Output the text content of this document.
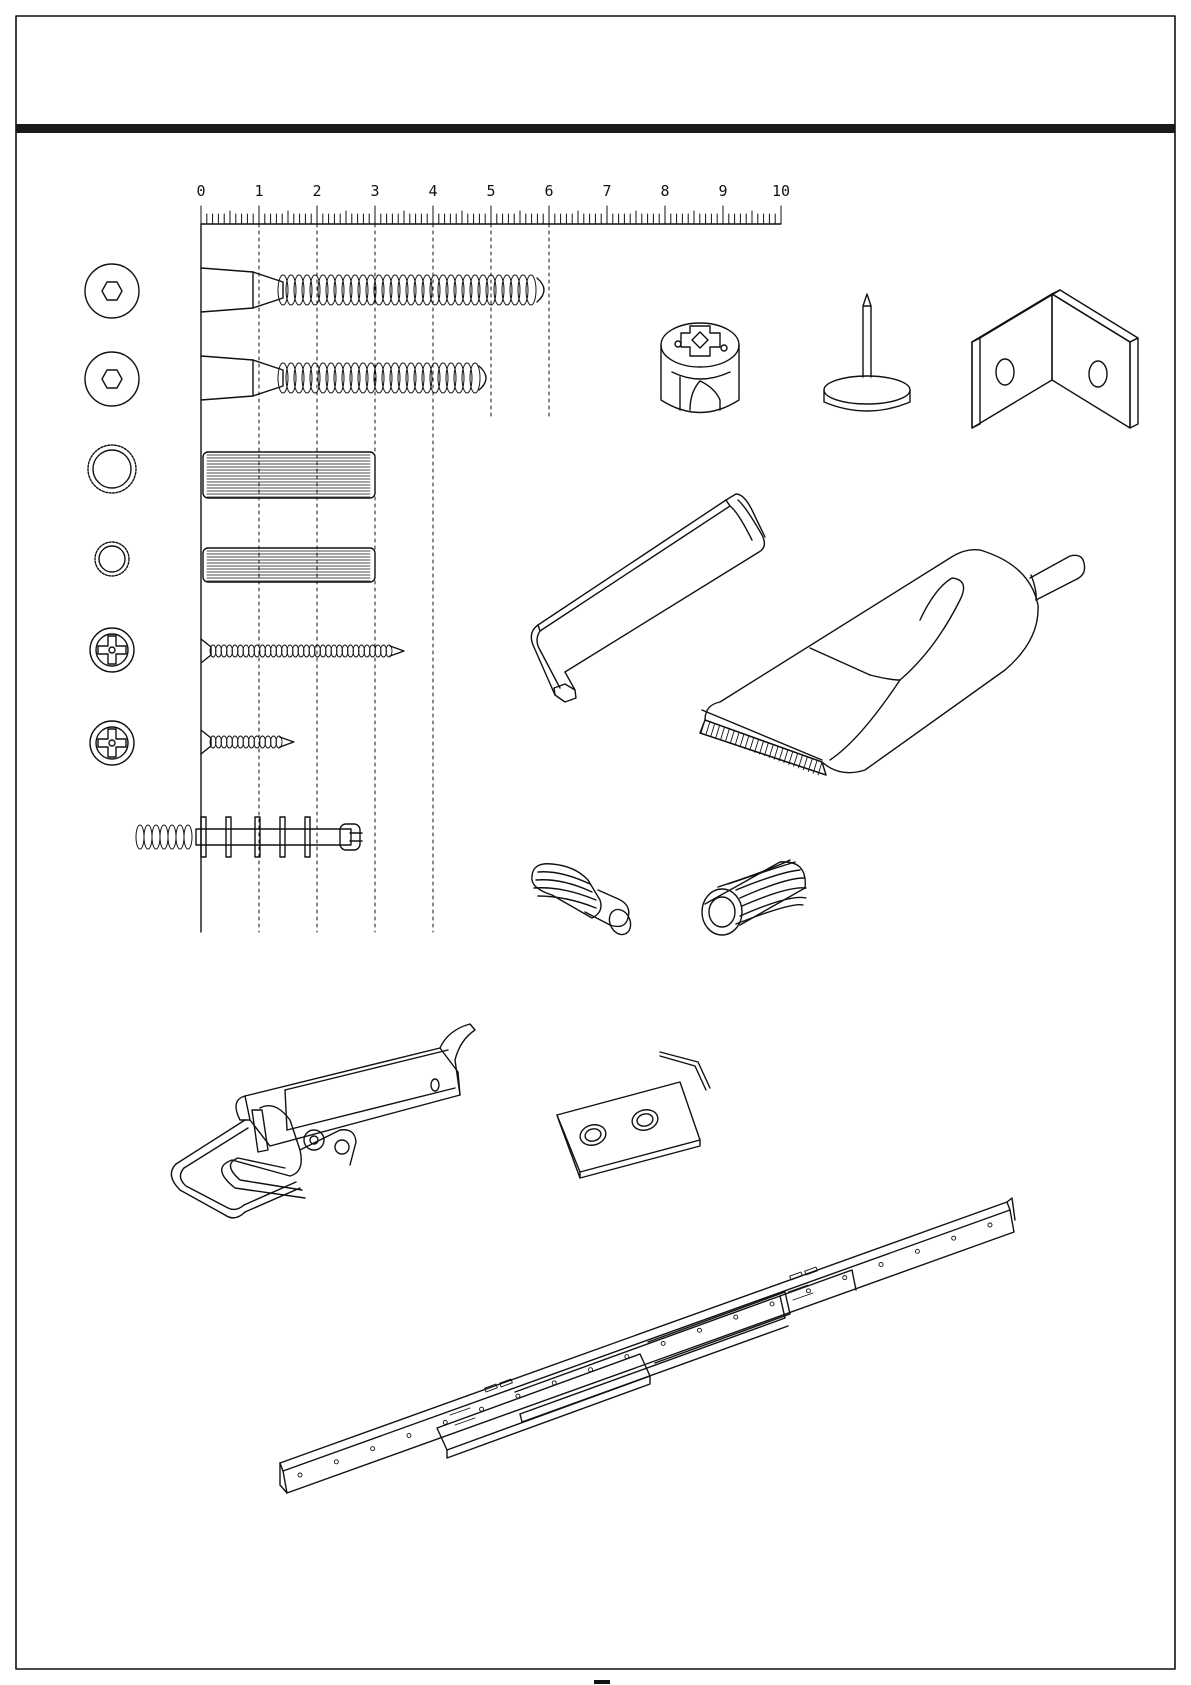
0	1	2	3	4	5	6	7	8	9	10
